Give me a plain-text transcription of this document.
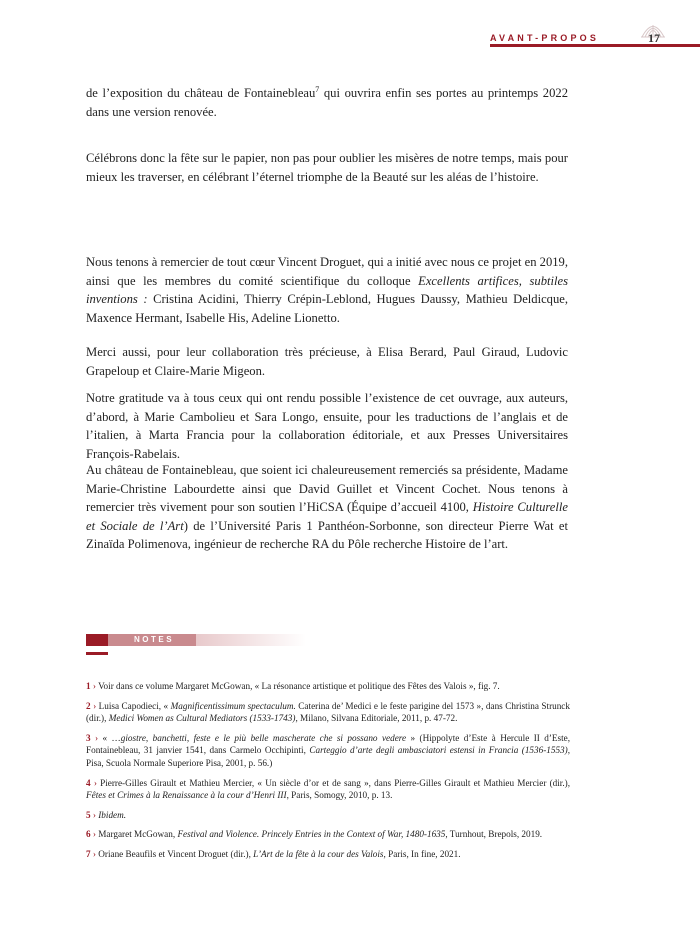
AVANT-PROPOS	17

de l’exposition du château de Fontainebleau$^7$ qui ouvrira enfin ses portes au printemps 2022 dans une version renovée.

Célébrons donc la fête sur le papier, non pas pour oublier les misères de notre temps, mais pour mieux les traverser, en célébrant l’éternel triomphe de la Beauté sur les aléas de l’histoire.

Nous tenons à remercier de tout cœur Vincent Droguet, qui a initié avec nous ce projet en 2019, ainsi que les membres du comité scientifique du colloque Excellents artifices, subtiles inventions : Cristina Acidini, Thierry Crépin-Leblond, Hugues Daussy, Mathieu Deldicque, Maxence Hermant, Isabelle His, Adeline Lionetto.

Merci aussi, pour leur collaboration très précieuse, à Elisa Berard, Paul Giraud, Ludovic Grapeloup et Claire-Marie Migeon.

Notre gratitude va à tous ceux qui ont rendu possible l’existence de cet ouvrage, aux auteurs, d’abord, à Marie Cambolieu et Sara Longo, ensuite, pour les traductions de l’anglais et de l’italien, à Marta Francia pour la collaboration éditoriale, et aux Presses Universitaires François-Rabelais.

Au château de Fontainebleau, que soient ici chaleureusement remerciés sa présidente, Madame Marie-Christine Labourdette ainsi que David Guillet et Vincent Cochet. Nous tenons à remercier très vivement pour son soutien l’HiCSA (Équipe d’accueil 4100, Histoire Culturelle et Sociale de l’Art) de l’Université Paris 1 Panthéon-Sorbonne, son directeur Pierre Wat et Zinaïda Polimenova, ingénieur de recherche RA du Pôle recherche Histoire de l’art.

NOTES

1 › Voir dans ce volume Margaret McGowan, « La résonance artistique et politique des Fêtes des Valois », fig. 7.

2 › Luisa Capodieci, « Magnificentissimum spectaculum. Caterina de’ Medici e le feste parigine del 1573 », dans Christina Strunck (dir.), Medici Women as Cultural Mediators (1533-1743), Milano, Silvana Editoriale, 2011, p. 47-72.

3 › « …giostre, banchetti, feste e le più belle mascherate che si possano vedere » (Hippolyte d’Este à Hercule II d’Este, Fontainebleau, 31 janvier 1541, dans Carmelo Occhipinti, Carteggio d’arte degli ambasciatori estensi in Francia (1536-1553), Pisa, Scuola Normale Superiore Pisa, 2001, p. 56.)

4 › Pierre-Gilles Girault et Mathieu Mercier, « Un siècle d’or et de sang », dans Pierre-Gilles Girault et Mathieu Mercier (dir.), Fêtes et Crimes à la Renaissance à la cour d’Henri III, Paris, Somogy, 2010, p. 13.

5 › Ibidem.

6 › Margaret McGowan, Festival and Violence. Princely Entries in the Context of War, 1480-1635, Turnhout, Brepols, 2019.

7 › Oriane Beaufils et Vincent Droguet (dir.), L’Art de la fête à la cour des Valois, Paris, In fine, 2021.
